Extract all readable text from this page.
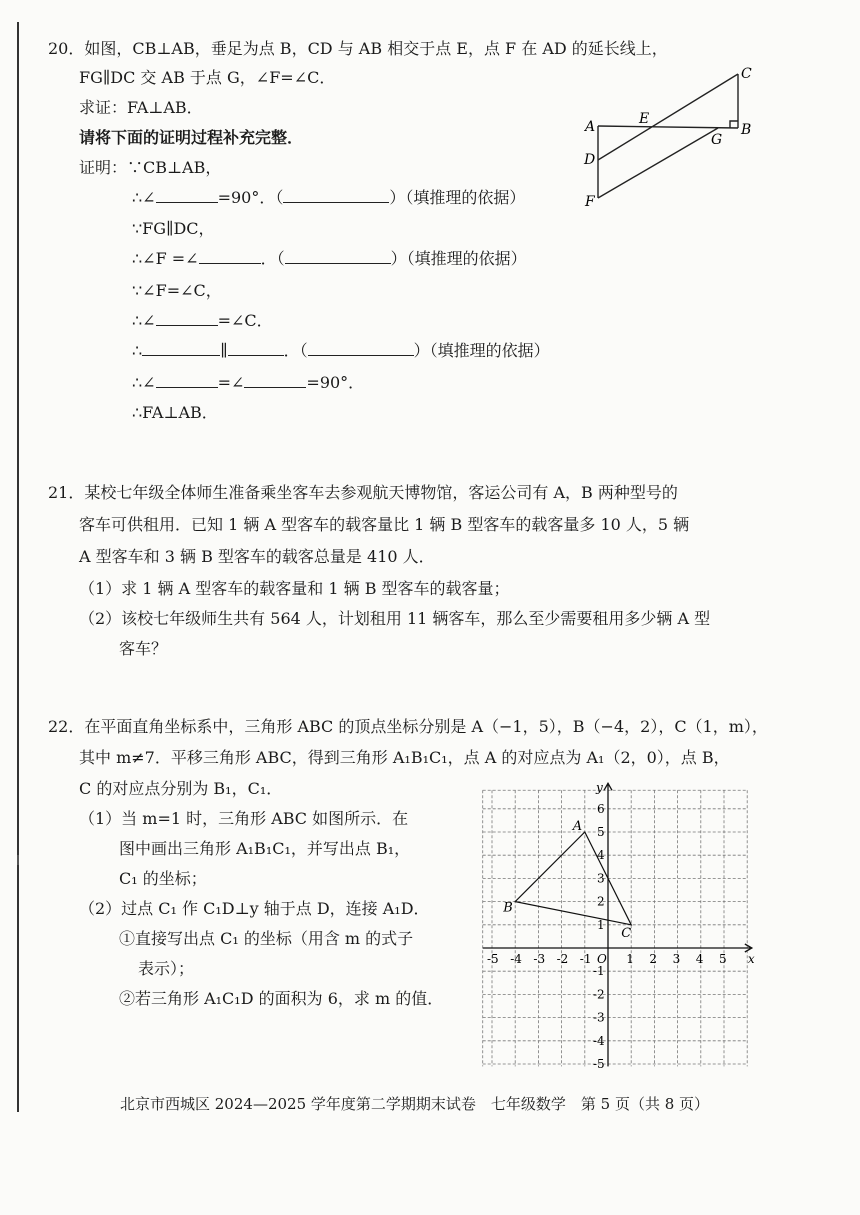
20．如图，CB⊥AB，垂足为点 B，CD 与 AB 相交于点 E，点 F 在 AD 的延长线上，
FG∥DC 交 AB 于点 G，∠F=∠C．
求证：FA⊥AB．
请将下面的证明过程补充完整．
证明：∵CB⊥AB，
∴∠	=90°．（	）（填推理的依据）
∵FG∥DC，
∴∠F =∠	．（	）（填推理的依据）
∵∠F=∠C，
∴∠	=∠C．
∴	∥	．（	）（填推理的依据）
∴∠	=∠	=90°．
∴FA⊥AB．
C
A	E
B
G
D
F
21．某校七年级全体师生准备乘坐客车去参观航天博物馆，客运公司有 A，B 两种型号的
客车可供租用．已知 1 辆 A 型客车的载客量比 1 辆 B 型客车的载客量多 10 人，5 辆
A 型客车和 3 辆 B 型客车的载客总量是 410 人．
（1）求 1 辆 A 型客车的载客量和 1 辆 B 型客车的载客量；
（2）该校七年级师生共有 564 人，计划租用 11 辆客车，那么至少需要租用多少辆 A 型
客车？
22．在平面直角坐标系中，三角形 ABC 的顶点坐标分别是 A（−1，5），B（−4，2），C（1，m），
其中 m≠7．平移三角形 ABC，得到三角形 A₁B₁C₁，点 A 的对应点为 A₁（2，0），点 B，
C 的对应点分别为 B₁，C₁．
（1）当 m=1 时，三角形 ABC 如图所示．在
图中画出三角形 A₁B₁C₁，并写出点 B₁，
C₁ 的坐标；
（2）过点 C₁ 作 C₁D⊥y 轴于点 D，连接 A₁D．
①直接写出点 C₁ 的坐标（用含 m 的式子
表示）；
②若三角形 A₁C₁D 的面积为 6，求 m 的值．
-5 -4 -3 -2 -1	1 2 3 4 5
1
2
3
4
5
6
-1
-2
-3
-4
-5
O	x
y
A
B
C
北京市西城区 2024—2025 学年度第二学期期末试卷　七年级数学　第 5 页（共 8 页）
